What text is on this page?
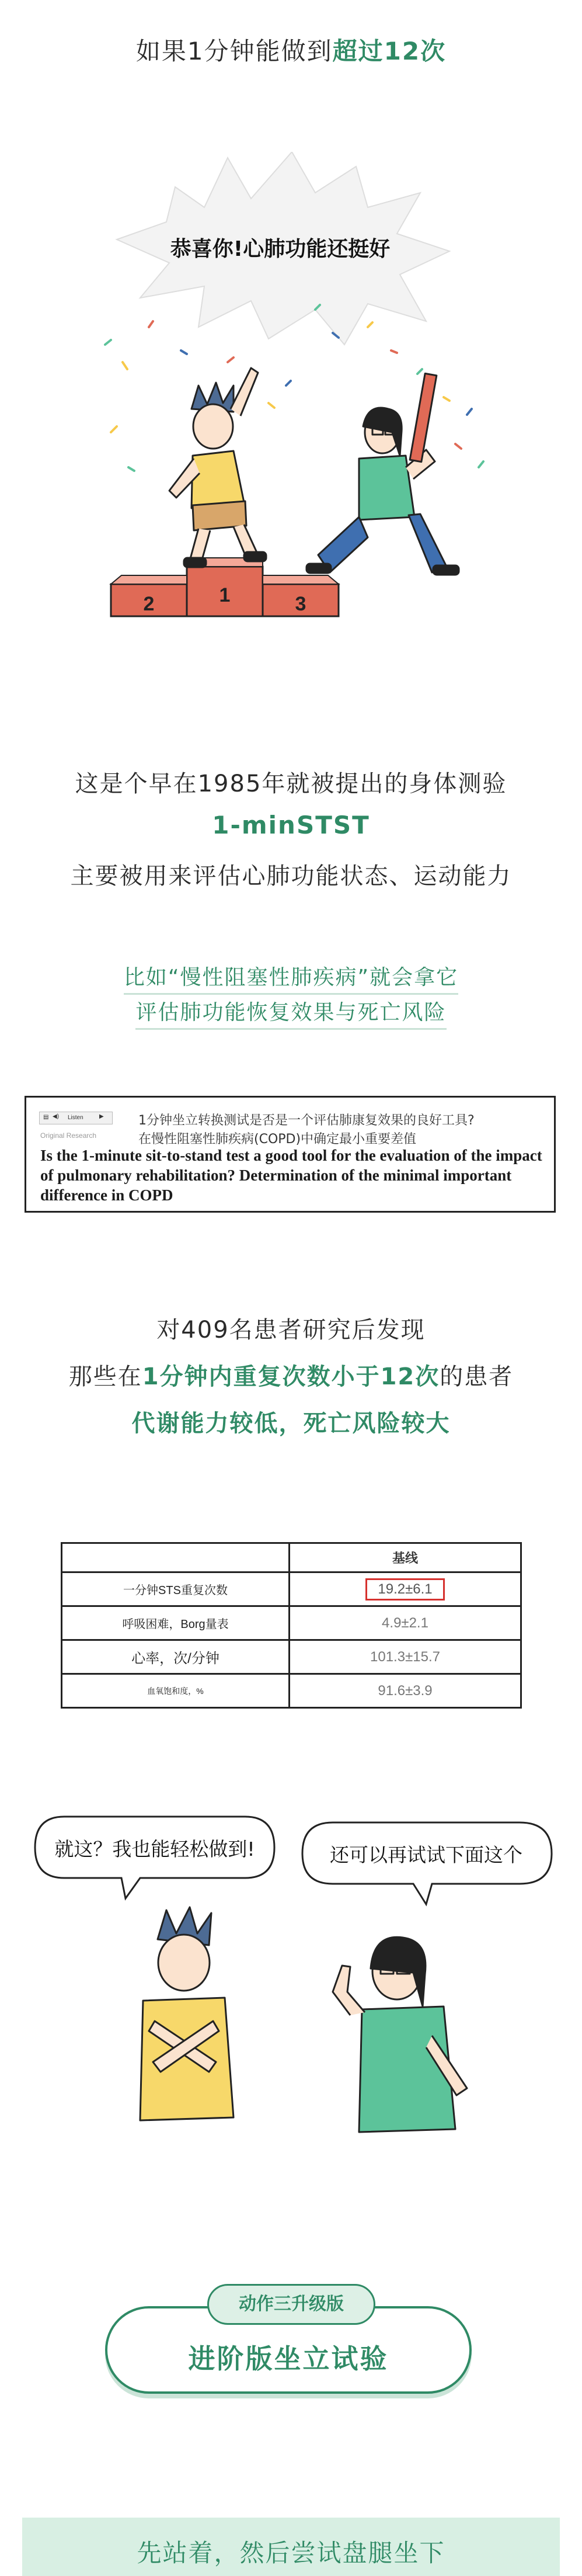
如果1分钟能做到超过12次
恭喜你!心肺功能还挺好
2	1	3
这是个早在1985年就被提出的身体测验
1-minSTST
主要被用来评估心肺功能状态、运动能力
比如“慢性阻塞性肺疾病”就会拿它
评估肺功能恢复效果与死亡风险
▤ ◀) Listen	▶
Original Research
1分钟坐立转换测试是否是一个评估肺康复效果的良好工具?
在慢性阻塞性肺疾病(COPD)中确定最小重要差值
Is the 1-minute sit-to-stand test a good tool for the evaluation of the impact of pulmonary rehabilitation? Determination of the minimal important difference in COPD
对409名患者研究后发现
那些在1分钟内重复次数小于12次的患者
代谢能力较低，死亡风险较大
	基线
一分钟STS重复次数	19.2±6.1
呼吸困难，Borg量表	4.9±2.1
心率，次/分钟	101.3±15.7
血氧饱和度，%	91.6±3.9
就这？我也能轻松做到!	还可以再试试下面这个
动作三升级版
进阶版坐立试验
先站着，然后尝试盘腿坐下
